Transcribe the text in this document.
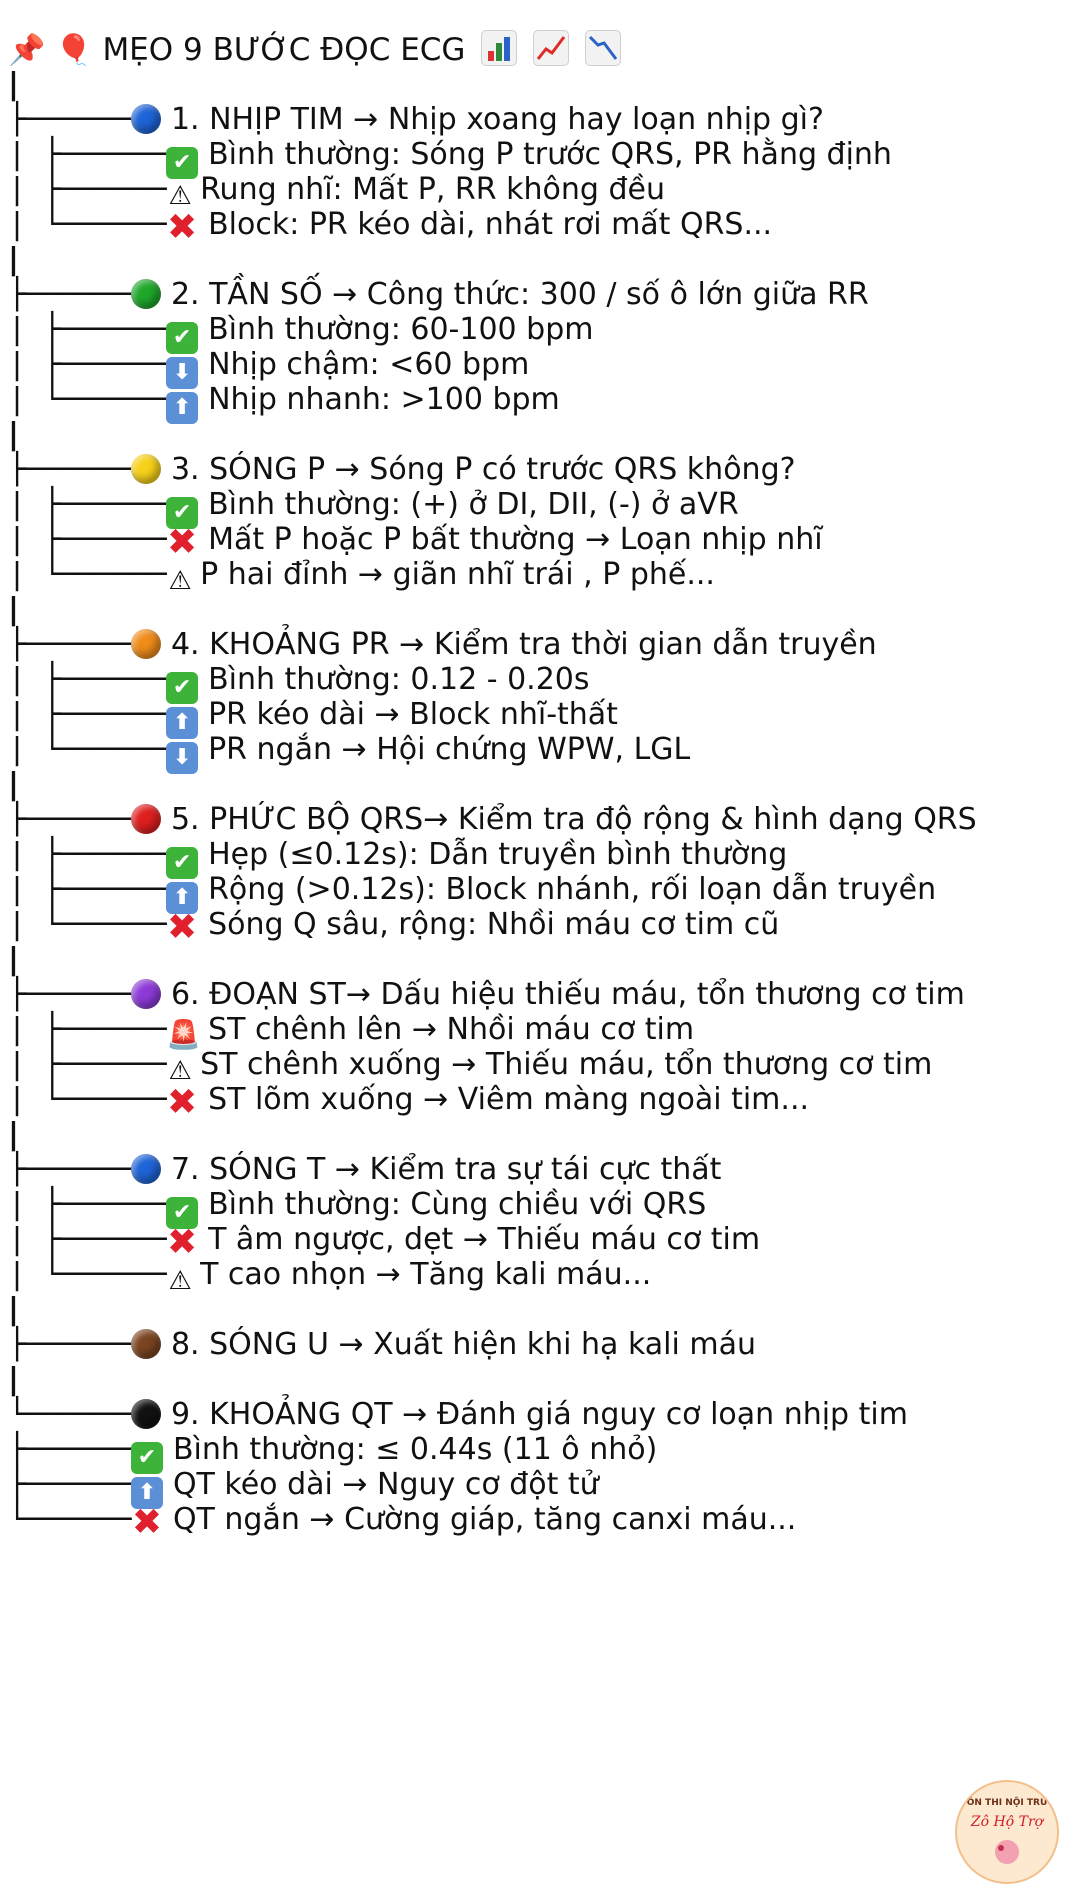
📌 🎈 MẸO 9 BƯỚC ĐỌC ECG
|
├──────1. NHỊP TIM → Nhịp xoang hay loạn nhịp gì?
| ├──────✔ Bình thường: Sóng P trước QRS, PR hằng định
| ├──────⚠ Rung nhĩ: Mất P, RR không đều
| └──────✖ Block: PR kéo dài, nhát rơi mất QRS...
|
├──────2. TẦN SỐ → Công thức: 300 / số ô lớn giữa RR
| ├──────✔ Bình thường: 60-100 bpm
| ├──────⬇ Nhịp chậm: <60 bpm
| └──────⬆ Nhịp nhanh: >100 bpm
|
├──────3. SÓNG P → Sóng P có trước QRS không?
| ├──────✔ Bình thường: (+) ở DI, DII, (-) ở aVR
| ├──────✖ Mất P hoặc P bất thường → Loạn nhịp nhĩ
| └──────⚠ P hai đỉnh → giãn nhĩ trái , P phế...
|
├──────4. KHOẢNG PR → Kiểm tra thời gian dẫn truyền
| ├──────✔ Bình thường: 0.12 - 0.20s
| ├──────⬆ PR kéo dài → Block nhĩ-thất
| └──────⬇ PR ngắn → Hội chứng WPW, LGL
|
├──────5. PHỨC BỘ QRS→ Kiểm tra độ rộng & hình dạng QRS
| ├──────✔ Hẹp (≤0.12s): Dẫn truyền bình thường
| ├──────⬆ Rộng (>0.12s): Block nhánh, rối loạn dẫn truyền
| └──────✖ Sóng Q sâu, rộng: Nhồi máu cơ tim cũ
|
├──────6. ĐOẠN ST→ Dấu hiệu thiếu máu, tổn thương cơ tim
| ├──────🚨 ST chênh lên → Nhồi máu cơ tim
| ├──────⚠ ST chênh xuống → Thiếu máu, tổn thương cơ tim
| └──────✖ ST lõm xuống → Viêm màng ngoài tim...
|
├──────7. SÓNG T → Kiểm tra sự tái cực thất
| ├──────✔ Bình thường: Cùng chiều với QRS
| ├──────✖ T âm ngược, dẹt → Thiếu máu cơ tim
| └──────⚠ T cao nhọn → Tăng kali máu...
|
├──────8. SÓNG U → Xuất hiện khi hạ kali máu
|
└──────9. KHOẢNG QT → Đánh giá nguy cơ loạn nhịp tim
├──────✔ Bình thường: ≤ 0.44s (11 ô nhỏ)
├──────⬆ QT kéo dài → Nguy cơ đột tử
└──────✖ QT ngắn → Cường giáp, tăng canxi máu...
ÔN THI NỘI TRÚ
Zô Hộ Trợ
